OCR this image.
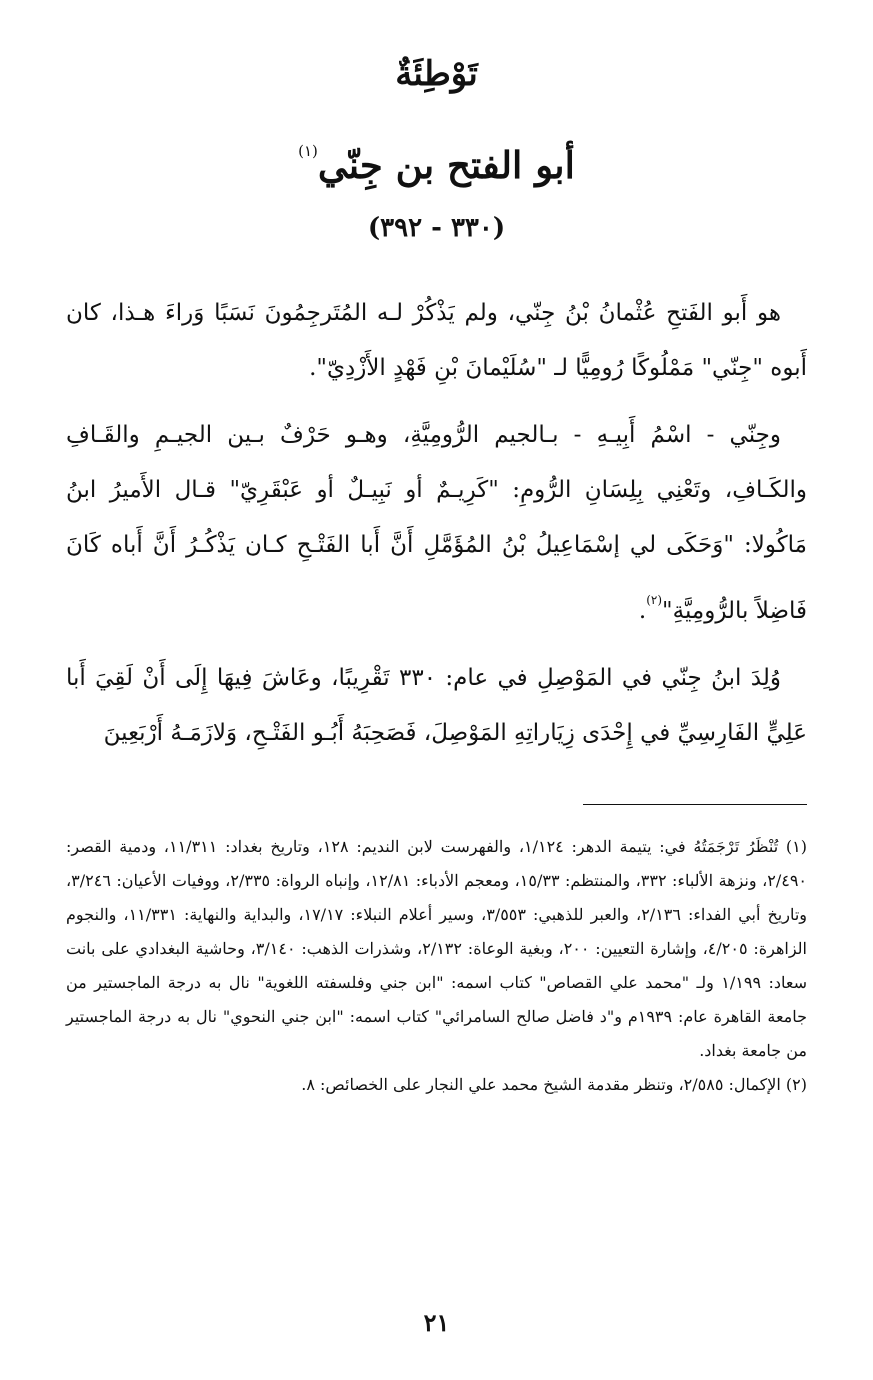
تَوْطِئَةٌ
أبو الفتح بن جِنّي$^{(١)}$
(٣٣٠ - ٣٩٢)

هو أَبو الفَتحِ عُثْمانُ بْنُ جِنّي، ولم يَذْكُرْ لـه المُتَرجِمُونَ نَسَبًا وَراءَ هـذا، كان أَبوه "جِنّي" مَمْلُوكًا رُومِيًّا لـ "سُلَيْمانَ بْنِ فَهْدٍ الأَزْدِيّ".

وجِنّي - اسْمُ أَبِيـهِ - بـالجيم الرُّومِيَّةِ، وهـو حَرْفٌ بـين الجيـمِ والقَـافِ والكَـافِ، وتَعْنِي بِلِسَانِ الرُّومِ: "كَرِيـمٌ أو نَبِيـلٌ أو عَبْقَرِيّ" قـال الأَميرُ ابنُ مَاكُولا: "وَحَكَى لي إسْمَاعِيلُ بْنُ المُؤَمَّلِ أَنَّ أَبا الفَتْـحِ كـان يَذْكُـرُ أَنَّ أَباه كَانَ فَاضِلاً بالرُّومِيَّةِ"$^{(٢)}$.

وُلِدَ ابنُ جِنّي في المَوْصِلِ في عام: ٣٣٠ تَقْرِيبًا، وعَاشَ فِيهَا إِلَى أَنْ لَقِيَ أَبا عَلِيٍّ الفَارِسِيِّ في إِحْدَى زِيَاراتِهِ المَوْصِلَ، فَصَحِبَهُ أَبُـو الفَتْـحِ، وَلازَمَـهُ أَرْبَعِينَ

(١) تُنْظَرُ تَرْجَمَتُهُ في: يتيمة الدهر: ١/١٢٤، والفهرست لابن النديم: ١٢٨، وتاريخ بغداد: ١١/٣١١، ودمية القصر: ٢/٤٩٠، ونزهة الألباء: ٣٣٢، والمنتظم: ١٥/٣٣، ومعجم الأدباء: ١٢/٨١، وإنباه الرواة: ٢/٣٣٥، ووفيات الأعيان: ٣/٢٤٦، وتاريخ أبي الفداء: ٢/١٣٦، والعبر للذهبي: ٣/٥٥٣، وسير أعلام النبلاء: ١٧/١٧، والبداية والنهاية: ١١/٣٣١، والنجوم الزاهرة: ٤/٢٠٥، وإشارة التعيين: ٢٠٠، وبغية الوعاة: ٢/١٣٢، وشذرات الذهب: ٣/١٤٠، وحاشية البغدادي على بانت سعاد: ١/١٩٩ ولـ "محمد علي القصاص" كتاب اسمه: "ابن جني وفلسفته اللغوية" نال به درجة الماجستير من جامعة القاهرة عام: ١٩٣٩م و"د فاضل صالح السامرائي" كتاب اسمه: "ابن جني النحوي" نال به درجة الماجستير من جامعة بغداد.

(٢) الإكمال: ٢/٥٨٥، وتنظر مقدمة الشيخ محمد علي النجار على الخصائص: ٨.

٢١
